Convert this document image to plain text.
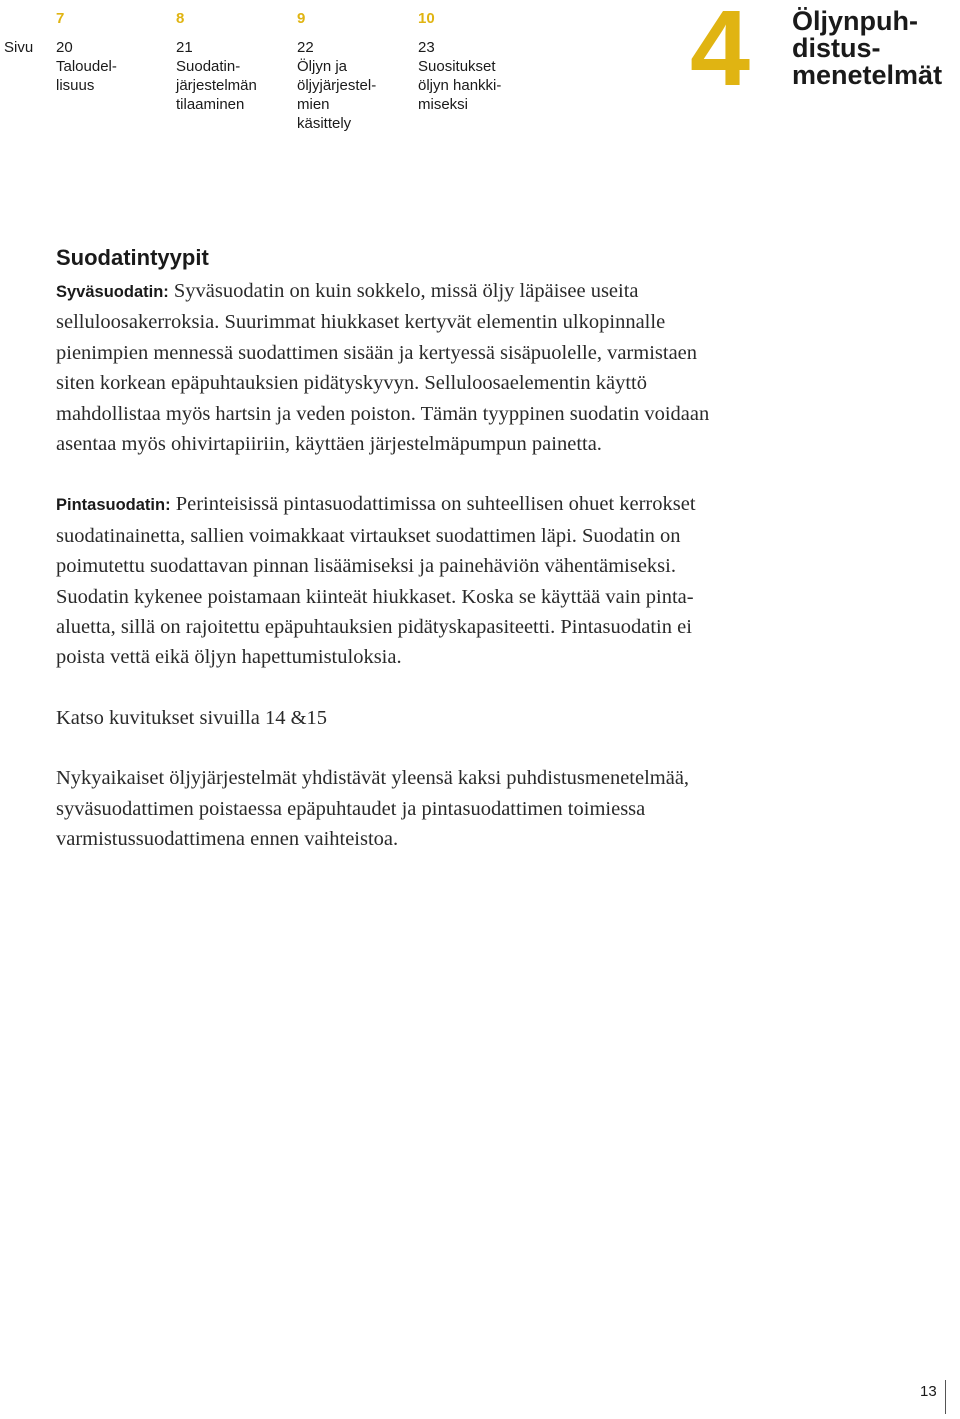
Sivu
7
20
Taloudel-
lisuus
8
21
Suodatin-
järjestelmän
tilaaminen
9
22
Öljyn ja
öljyjärjestel-
mien
käsittely
10
23
Suositukset
öljyn hankki-
miseksi	4 Öljynpuh-
distus-
menetelmät
Suodatintyypit

Syväsuodatin: Syväsuodatin on kuin sokkelo, missä öljy läpäisee useita selluloosakerroksia. Suurimmat hiukkaset kertyvät elementin ulkopinnalle pienimpien mennessä suodattimen sisään ja kertyessä sisäpuolelle, varmistaen siten korkean epäpuhtauksien pidätyskyvyn. Selluloosaelementin käyttö mahdollistaa myös hartsin ja veden poiston. Tämän tyyppinen suodatin voidaan asentaa myös ohivirtapiiriin, käyttäen järjestelmäpumpun painetta.

Pintasuodatin: Perinteisissä pintasuodattimissa on suhteellisen ohuet kerrokset suodatinainetta, sallien voimakkaat virtaukset suodattimen läpi. Suodatin on poimutettu suodattavan pinnan lisäämiseksi ja painehäviön vähentämiseksi. Suodatin kykenee poistamaan kiinteät hiukkaset. Koska se käyttää vain pinta-aluetta, sillä on rajoitettu epäpuhtauksien pidätyskapasiteetti. Pintasuodatin ei poista vettä eikä öljyn hapettumistuloksia.

Katso kuvitukset sivuilla 14 &15

Nykyaikaiset öljyjärjestelmät yhdistävät yleensä kaksi puhdistusmenetelmää, syväsuodattimen poistaessa epäpuhtaudet ja pintasuodattimen toimiessa varmistussuodattimena ennen vaihteistoa.

13
